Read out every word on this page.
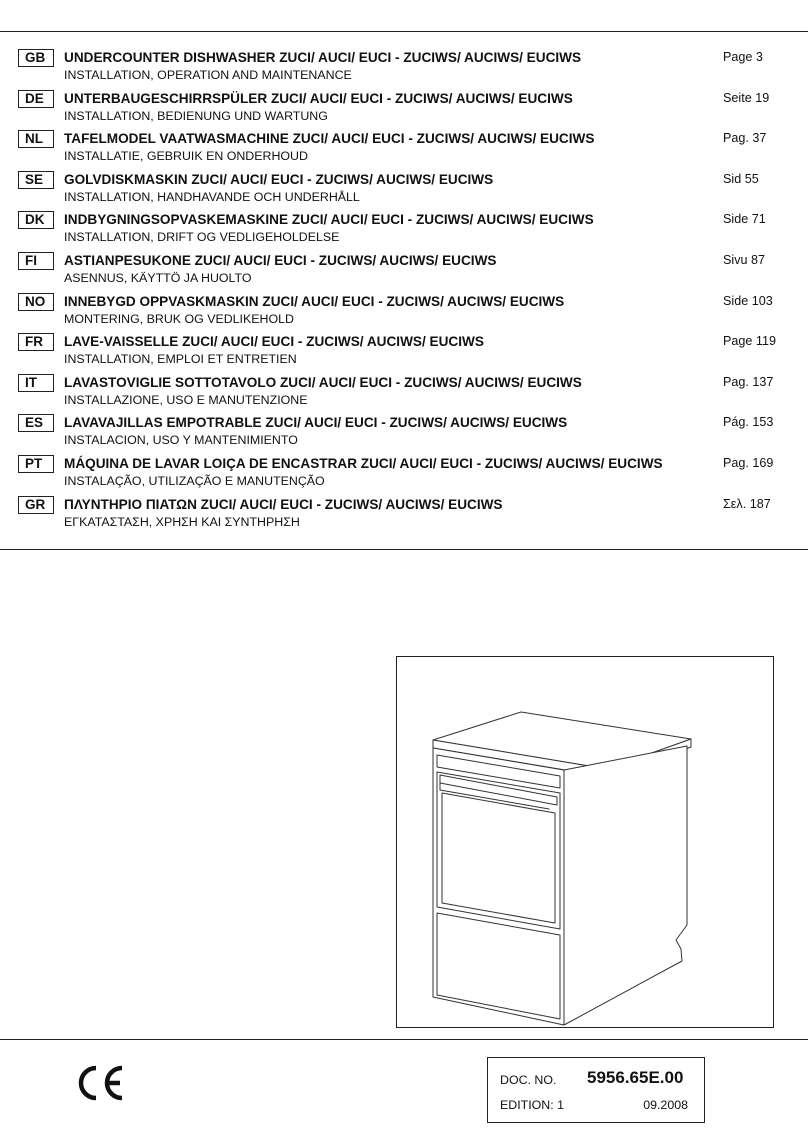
GB	UNDERCOUNTER DISHWASHER ZUCI/ AUCI/ EUCI - ZUCIWS/ AUCIWS/ EUCIWS
INSTALLATION, OPERATION AND MAINTENANCE
Page 3
DE	UNTERBAUGESCHIRRSPÜLER ZUCI/ AUCI/ EUCI - ZUCIWS/ AUCIWS/ EUCIWS
INSTALLATION, BEDIENUNG UND WARTUNG
Seite 19
NL	TAFELMODEL VAATWASMACHINE ZUCI/ AUCI/ EUCI - ZUCIWS/ AUCIWS/ EUCIWS
INSTALLATIE, GEBRUIK EN ONDERHOUD
Pag. 37
SE	GOLVDISKMASKIN ZUCI/ AUCI/ EUCI - ZUCIWS/ AUCIWS/ EUCIWS
INSTALLATION, HANDHAVANDE OCH UNDERHÅLL
Sid 55
DK	INDBYGNINGSOPVASKEMASKINE ZUCI/ AUCI/ EUCI - ZUCIWS/ AUCIWS/ EUCIWS
INSTALLATION, DRIFT OG VEDLIGEHOLDELSE
Side 71
FI	ASTIANPESUKONE ZUCI/ AUCI/ EUCI - ZUCIWS/ AUCIWS/ EUCIWS
ASENNUS, KÄYTTÖ JA HUOLTO
Sivu 87
NO	INNEBYGD OPPVASKMASKIN ZUCI/ AUCI/ EUCI - ZUCIWS/ AUCIWS/ EUCIWS
MONTERING, BRUK OG VEDLIKEHOLD
Side 103
FR	LAVE-VAISSELLE ZUCI/ AUCI/ EUCI - ZUCIWS/ AUCIWS/ EUCIWS
INSTALLATION, EMPLOI ET ENTRETIEN
Page 119
IT	LAVASTOVIGLIE SOTTOTAVOLO ZUCI/ AUCI/ EUCI - ZUCIWS/ AUCIWS/ EUCIWS
INSTALLAZIONE, USO E MANUTENZIONE
Pag. 137
ES	LAVAVAJILLAS EMPOTRABLE ZUCI/ AUCI/ EUCI - ZUCIWS/ AUCIWS/ EUCIWS
INSTALACION, USO Y MANTENIMIENTO
Pág. 153
PT	MÁQUINA DE LAVAR LOIÇA DE ENCASTRAR ZUCI/ AUCI/ EUCI - ZUCIWS/ AUCIWS/ EUCIWS
INSTALAÇÃO, UTILIZAÇÃO E MANUTENÇÃO
Pag. 169
GR	ΠΛΥΝΤΗΡΙΟ ΠΙΑΤΩΝ ZUCI/ AUCI/ EUCI - ZUCIWS/ AUCIWS/ EUCIWS
ΕΓΚΑΤΑΣΤΑΣΗ, ΧΡΗΣΗ ΚΑΙ ΣΥΝΤΗΡΗΣΗ
Σελ. 187
DOC. NO. 5956.65E.00
EDITION: 1	09.2008
